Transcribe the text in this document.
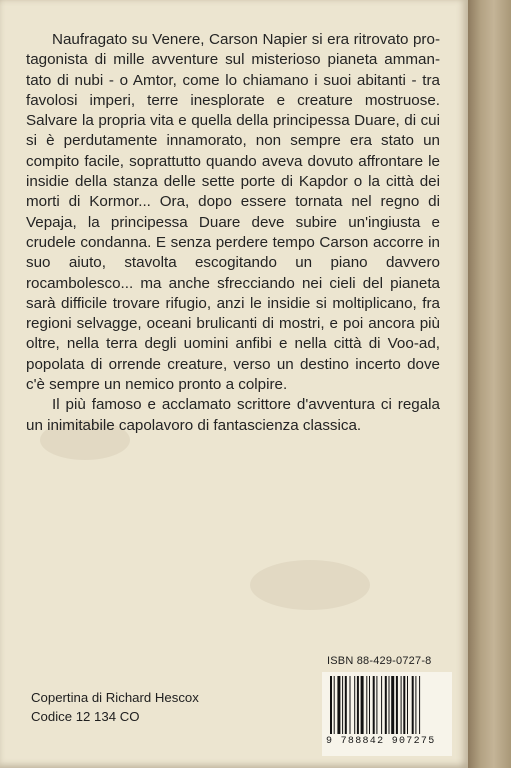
Naufragato su Venere, Carson Napier si era ritrovato protagonista di mille avventure sul misterioso pianeta ammantato di nubi - o Amtor, come lo chiamano i suoi abitanti - tra favolosi imperi, terre inesplorate e creature mostruose. Salvare la propria vita e quella della principessa Duare, di cui si è perdutamente innamorato, non sempre era stato un compito facile, soprattutto quando aveva dovuto affrontare le insidie della stanza delle sette porte di Kapdor o la città dei morti di Kormor... Ora, dopo essere tornata nel regno di Vepaja, la principessa Duare deve subire un'ingiusta e crudele condanna. E senza perdere tempo Carson accorre in suo aiuto, stavolta escogitando un piano davvero rocambolesco... ma anche sfrecciando nei cieli del pianeta sarà difficile trovare rifugio, anzi le insidie si moltiplicano, fra regioni selvagge, oceani brulicanti di mostri, e poi ancora più oltre, nella terra degli uomini anfibi e nella città di Voo-ad, popolata di orrende creature, verso un destino incerto dove c'è sempre un nemico pronto a colpire.

Il più famoso e acclamato scrittore d'avventura ci regala un inimitabile capolavoro di fantascienza classica.

ISBN 88-429-0727-8
9 788842 907275
Copertina di Richard Hescox
Codice 12 134 CO
